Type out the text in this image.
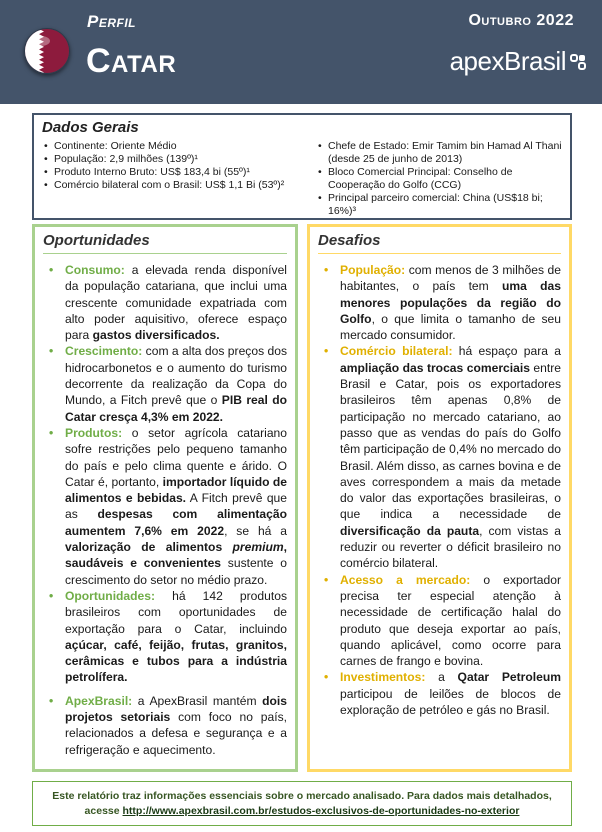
Perfil
Catar
Outubro 2022
apexBrasil
Dados Gerais
• Continente: Oriente Médio
• População: 2,9 milhões (139º)¹
• Produto Interno Bruto: US$ 183,4 bi (55º)¹
• Comércio bilateral com o Brasil: US$ 1,1 Bi (53º)²
• Chefe de Estado: Emir Tamim bin Hamad Al Thani (desde 25 de junho de 2013)
• Bloco Comercial Principal: Conselho de Cooperação do Golfo (CCG)
• Principal parceiro comercial: China (US$18 bi; 16%)³
Oportunidades
• Consumo: a elevada renda disponível da população catariana, que inclui uma crescente comunidade expatriada com alto poder aquisitivo, oferece espaço para gastos diversificados.
• Crescimento: com a alta dos preços dos hidrocarbonetos e o aumento do turismo decorrente da realização da Copa do Mundo, a Fitch prevê que o PIB real do Catar cresça 4,3% em 2022.
• Produtos: o setor agrícola catariano sofre restrições pelo pequeno tamanho do país e pelo clima quente e árido. O Catar é, portanto, importador líquido de alimentos e bebidas. A Fitch prevê que as despesas com alimentação aumentem 7,6% em 2022, se há a valorização de alimentos premium, saudáveis e convenientes sustente o crescimento do setor no médio prazo.
• Oportunidades: há 142 produtos brasileiros com oportunidades de exportação para o Catar, incluindo açúcar, café, feijão, frutas, granitos, cerâmicas e tubos para a indústria petrolífera.
• ApexBrasil: a ApexBrasil mantém dois projetos setoriais com foco no país, relacionados a defesa e segurança e a refrigeração e aquecimento.
Desafios
• População: com menos de 3 milhões de habitantes, o país tem uma das menores populações da região do Golfo, o que limita o tamanho de seu mercado consumidor.
• Comércio bilateral: há espaço para a ampliação das trocas comerciais entre Brasil e Catar, pois os exportadores brasileiros têm apenas 0,8% de participação no mercado catariano, ao passo que as vendas do país do Golfo têm participação de 0,4% no mercado do Brasil. Além disso, as carnes bovina e de aves correspondem a mais da metade do valor das exportações brasileiras, o que indica a necessidade de diversificação da pauta, com vistas a reduzir ou reverter o déficit brasileiro no comércio bilateral.
• Acesso a mercado: o exportador precisa ter especial atenção à necessidade de certificação halal do produto que deseja exportar ao país, quando aplicável, como ocorre para carnes de frango e bovina.
• Investimentos: a Qatar Petroleum participou de leilões de blocos de exploração de petróleo e gás no Brasil.
Este relatório traz informações essenciais sobre o mercado analisado. Para dados mais detalhados,
acesse http://www.apexbrasil.com.br/estudos-exclusivos-de-oportunidades-no-exterior
